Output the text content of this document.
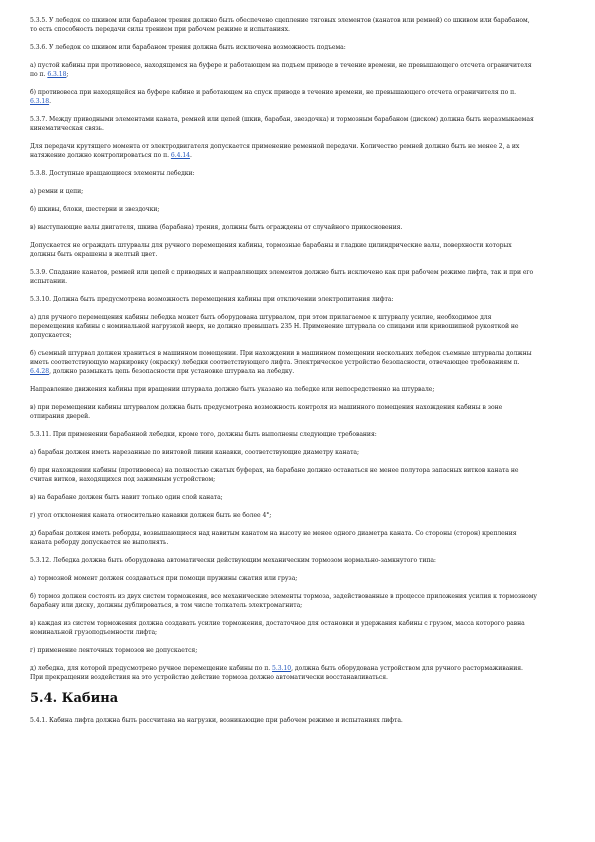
5.3.5. У лебедок со шкивом или барабаном трения должно быть обеспечено сцепление тяговых элементов (канатов или ремней) со шкивом или барабаном, то есть способность передачи силы трением при рабочем режиме и испытаниях.

5.3.6. У лебедок со шкивом или барабаном трения должна быть исключена возможность подъема:

а) пустой кабины при противовесе, находящемся на буфере и работающем на подъем приводе в течение времени, не превышающего отсчета ограничителя по п. 6.3.18;

б) противовеса при находящейся на буфере кабине и работающем на спуск приводе в течение времени, не превышающего отсчета ограничителя по п. 6.3.18.

5.3.7. Между приводными элементами каната, ремней или цепей (шкив, барабан, звездочка) и тормозным барабаном (диском) должна быть неразмыкаемая кинематическая связь.

Для передачи крутящего момента от электродвигателя допускается применение ременной передачи. Количество ремней должно быть не менее 2, а их натяжение должно контролироваться по п. 6.4.14.

5.3.8. Доступные вращающиеся элементы лебедки:

а) ремни и цепи;

б) шкивы, блоки, шестерни и звездочки;

в) выступающие валы двигателя, шкива (барабана) трения, должны быть ограждены от случайного прикосновения.

Допускается не ограждать штурвалы для ручного перемещения кабины, тормозные барабаны и гладкие цилиндрические валы, поверхности которых должны быть окрашены в желтый цвет.

5.3.9. Спадание канатов, ремней или цепей с приводных и направляющих элементов должно быть исключено как при рабочем режиме лифта, так и при его испытании.

5.3.10. Должна быть предусмотрена возможность перемещения кабины при отключении электропитания лифта:

а) для ручного перемещения кабины лебедка может быть оборудована штурвалом, при этом прилагаемое к штурвалу усилие, необходимое для перемещения кабины с номинальной нагрузкой вверх, не должно превышать 235 Н. Применение штурвала со спицами или кривошипной рукояткой не допускается;

б) съемный штурвал должен храниться в машинном помещении. При нахождении в машинном помещении нескольких лебедок съемные штурвалы должны иметь соответствующую маркировку (окраску) лебедки соответствующего лифта. Электрическое устройство безопасности, отвечающее требованиям п. 6.4.28, должно размыкать цепь безопасности при установке штурвала на лебедку.

Направление движения кабины при вращении штурвала должно быть указано на лебедке или непосредственно на штурвале;

в) при перемещении кабины штурвалом должна быть предусмотрена возможность контроля из машинного помещения нахождения кабины в зоне отпирания дверей.

5.3.11. При применении барабанной лебедки, кроме того, должны быть выполнены следующие требования:

а) барабан должен иметь нарезанные по винтовой линии канавки, соответствующие диаметру каната;

б) при нахождении кабины (противовеса) на полностью сжатых буферах, на барабане должно оставаться не менее полутора запасных витков каната не считая витков, находящихся под зажимным устройством;

в) на барабане должен быть навит только один слой каната;

г) угол отклонения каната относительно канавки должен быть не более 4°;

д) барабан должен иметь реборды, возвышающиеся над навитым канатом на высоту не менее одного диаметра каната. Со стороны (сторон) крепления каната реборду допускается не выполнять.

5.3.12. Лебедка должна быть оборудована автоматически действующим механическим тормозом нормально-замкнутого типа:

а) тормозной момент должен создаваться при помощи пружины сжатия или груза;

б) тормоз должен состоять из двух систем торможения, все механические элементы тормоза, задействованные в процессе приложения усилия к тормозному барабану или диску, должны дублироваться, в том числе толкатель электромагнита;

в) каждая из систем торможения должна создавать усилие торможения, достаточное для остановки и удержания кабины с грузом, масса которого равна номинальной грузоподъемности лифта;

г) применение ленточных тормозов не допускается;

д) лебедка, для которой предусмотрено ручное перемещение кабины по п. 5.3.10, должна быть оборудована устройством для ручного растормаживания. При прекращении воздействия на это устройство действие тормоза должно автоматически восстанавливаться.

5.4. Кабина

5.4.1. Кабина лифта должна быть рассчитана на нагрузки, возникающие при рабочем режиме и испытаниях лифта.
